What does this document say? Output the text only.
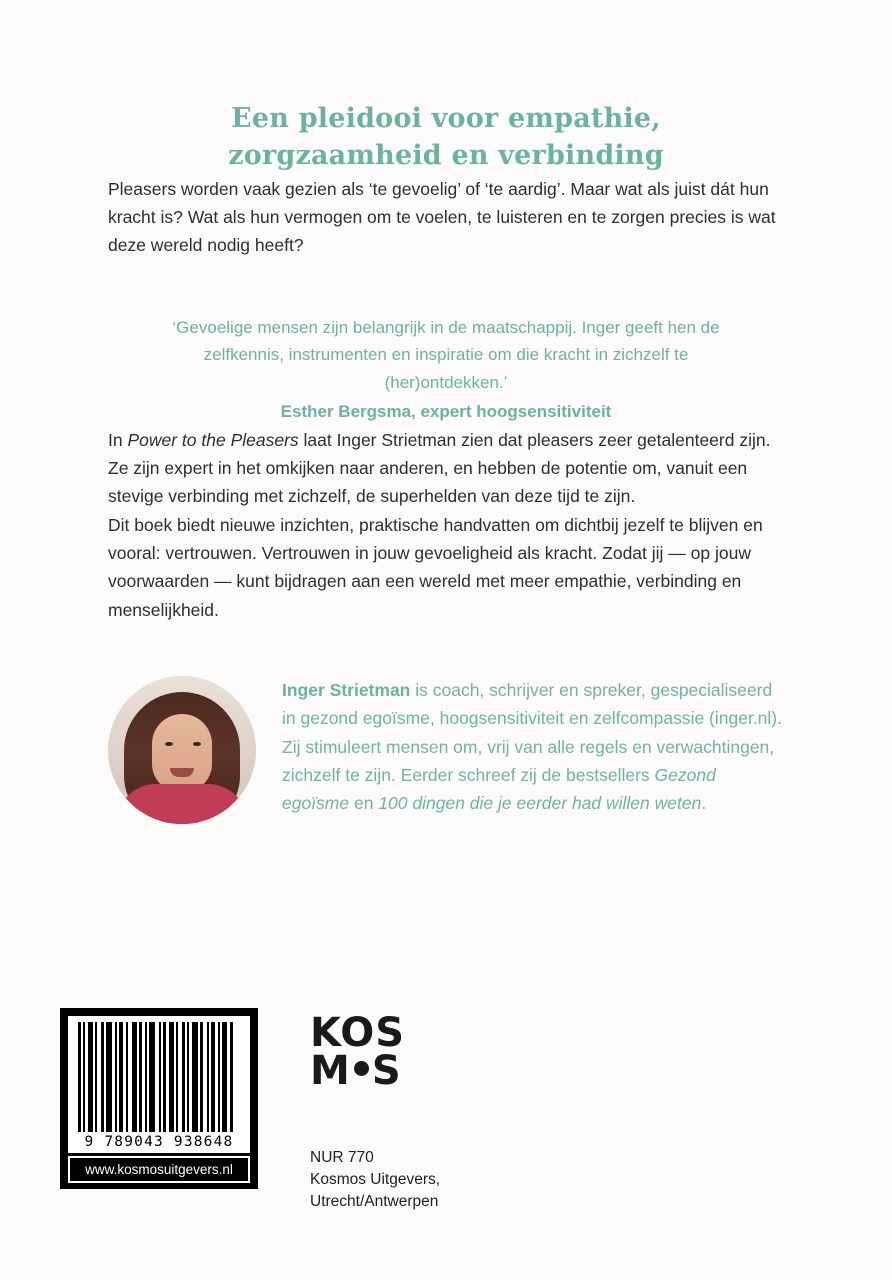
Een pleidooi voor empathie,
zorgzaamheid en verbinding

Pleasers worden vaak gezien als ‘te gevoelig’ of ‘te aardig’. Maar wat als juist dát hun kracht is? Wat als hun vermogen om te voelen, te luisteren en te zorgen precies is wat deze wereld nodig heeft?

‘Gevoelige mensen zijn belangrijk in de maatschappij. Inger geeft hen de zelfkennis, instrumenten en inspiratie om die kracht in zichzelf te (her)ontdekken.’
Esther Bergsma, expert hoogsensitiviteit

In Power to the Pleasers laat Inger Strietman zien dat pleasers zeer getalenteerd zijn. Ze zijn expert in het omkijken naar anderen, en hebben de potentie om, vanuit een stevige verbinding met zichzelf, de superhelden van deze tijd te zijn.

Dit boek biedt nieuwe inzichten, praktische handvatten om dichtbij jezelf te blijven en vooral: vertrouwen. Vertrouwen in jouw gevoeligheid als kracht. Zodat jij — op jouw voorwaarden — kunt bijdragen aan een wereld met meer empathie, verbinding en menselijkheid.

Inger Strietman is coach, schrijver en spreker, gespecialiseerd in gezond egoïsme, hoogsensitiviteit en zelfcompassie (inger.nl). Zij stimuleert mensen om, vrij van alle regels en verwachtingen, zichzelf te zijn. Eerder schreef zij de bestsellers Gezond egoïsme en 100 dingen die je eerder had willen weten.
9 789043 938648
www.kosmosuitgevers.nl
KOS
M S
NUR 770
Kosmos Uitgevers,
Utrecht/Antwerpen
